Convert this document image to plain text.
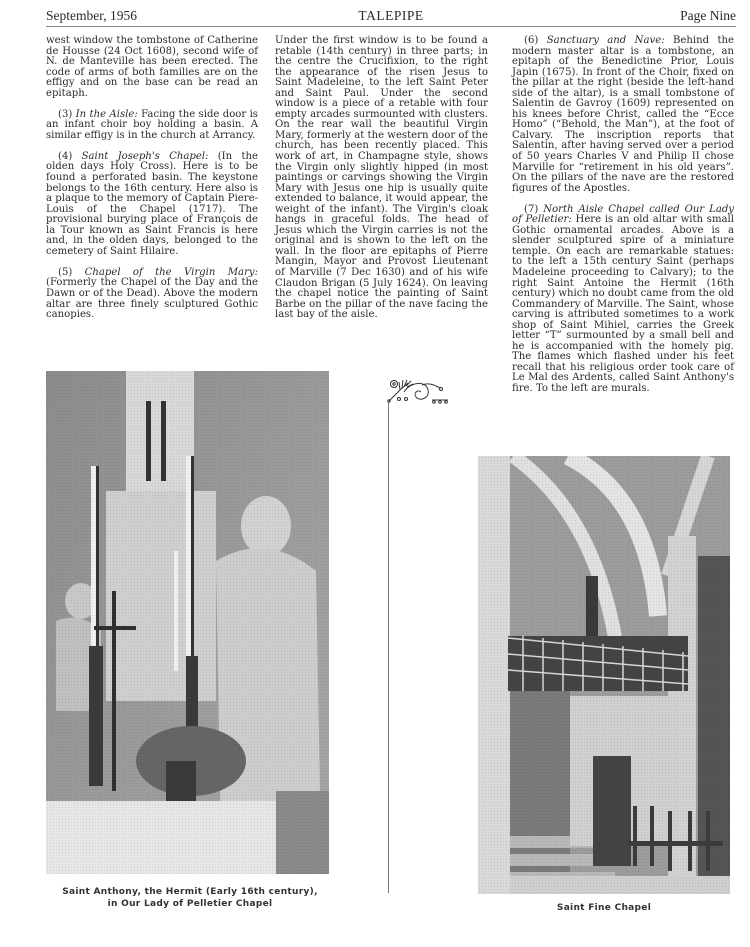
September, 1956	TALEPIPE	Page Nine

west window the tombstone of Catherine de Housse (24 Oct 1608), second wife of N. de Manteville has been erected. The code of arms of both families are on the effigy and on the base can be read an epitaph.

(3) In the Aisle: Facing the side door is an infant choir boy holding a basin. A similar effigy is in the church at Arrancy.

(4) Saint Joseph's Chapel: (In the olden days Holy Cross). Here is to be found a perforated basin. The keystone belongs to the 16th century. Here also is a plaque to the memory of Captain Piere-Louis of the Chapel (1717). The provisional burying place of François de la Tour known as Saint Francis is here and, in the olden days, belonged to the cemetery of Saint Hilaire.

(5) Chapel of the Virgin Mary: (Formerly the Chapel of the Day and the Dawn or of the Dead). Above the modern altar are three finely sculptured Gothic canopies.

Under the first window is to be found a retable (14th century) in three parts; in the centre the Crucifixion, to the right the appearance of the risen Jesus to Saint Madeleine, to the left Saint Peter and Saint Paul. Under the second window is a piece of a retable with four empty arcades surmounted with clusters. On the rear wall the beautiful Virgin Mary, formerly at the western door of the church, has been recently placed. This work of art, in Champagne style, shows the Virgin only slightly hipped (in most paintings or carvings showing the Virgin Mary with Jesus one hip is usually quite extended to balance, it would appear, the weight of the infant). The Virgin's cloak hangs in graceful folds. The head of Jesus which the Virgin carries is not the original and is shown to the left on the wall. In the floor are epitaphs of Pierre Mangin, Mayor and Provost Lieutenant of Marville (7 Dec 1630) and of his wife Claudon Brigan (5 July 1624). On leaving the chapel notice the painting of Saint Barbe on the pillar of the nave facing the last bay of the aisle.

(6) Sanctuary and Nave: Behind the modern master altar is a tombstone, an epitaph of the Benedictine Prior, Louis Japin (1675). In front of the Choir, fixed on the pillar at the right (beside the left-hand side of the altar), is a small tombstone of Salentin de Gavroy (1609) represented on his knees before Christ, called the “Ecce Homo” (“Behold, the Man”), at the foot of Calvary. The inscription reports that Salentin, after having served over a period of 50 years Charles V and Philip II chose Marville for “retirement in his old years”. On the pillars of the nave are the restored figures of the Apostles.

(7) North Aisle Chapel called Our Lady of Pelletier: Here is an old altar with small Gothic ornamental arcades. Above is a slender sculptured spire of a miniature temple. On each are remarkable statues: to the left a 15th century Saint (perhaps Madeleine proceeding to Calvary); to the right Saint Antoine the Hermit (16th century) which no doubt came from the old Commandery of Marville. The Saint, whose carving is attributed sometimes to a work shop of Saint Mihiel, carries the Greek letter “T” surmounted by a small bell and he is accompanied with the homely pig. The flames which flashed under his feet recall that his religious order took care of Le Mal des Ardents, called Saint Anthony's fire. To the left are murals.

Saint Anthony, the Hermit (Early 16th century),
in Our Lady of Pelletier Chapel	Saint Fine Chapel
